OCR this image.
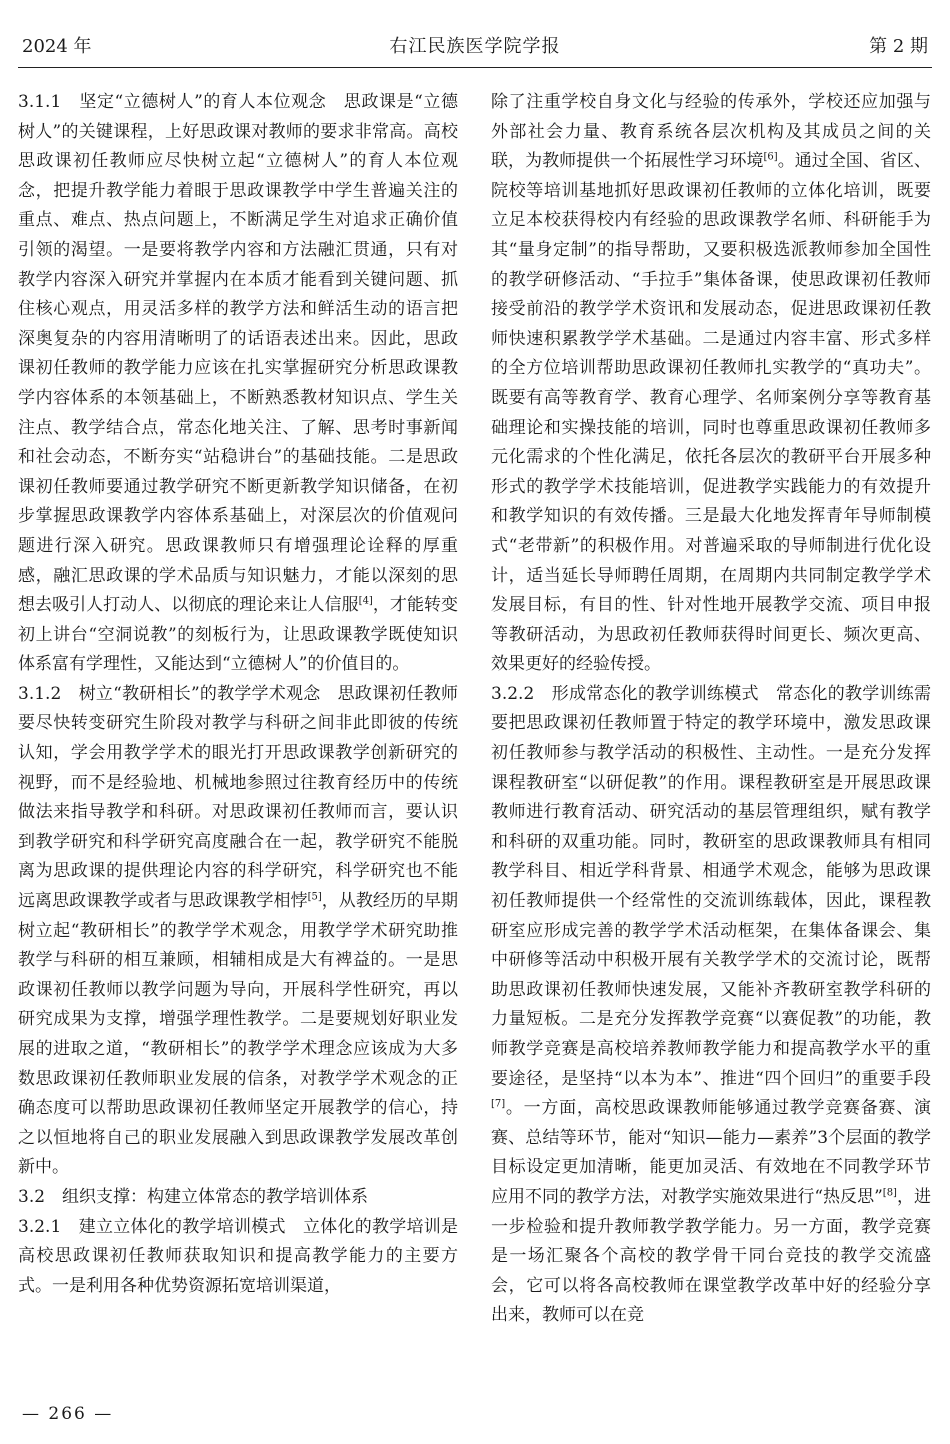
2024 年	右江民族医学院学报	第 2 期

3.1.1　坚定“立德树人”的育人本位观念　思政课是“立德树人”的关键课程，上好思政课对教师的要求非常高。高校思政课初任教师应尽快树立起“立德树人”的育人本位观念，把提升教学能力着眼于思政课教学中学生普遍关注的重点、难点、热点问题上，不断满足学生对追求正确价值引领的渴望。一是要将教学内容和方法融汇贯通，只有对教学内容深入研究并掌握内在本质才能看到关键问题、抓住核心观点，用灵活多样的教学方法和鲜活生动的语言把深奥复杂的内容用清晰明了的话语表述出来。因此，思政课初任教师的教学能力应该在扎实掌握研究分析思政课教学内容体系的本领基础上，不断熟悉教材知识点、学生关注点、教学结合点，常态化地关注、了解、思考时事新闻和社会动态，不断夯实“站稳讲台”的基础技能。二是思政课初任教师要通过教学研究不断更新教学知识储备，在初步掌握思政课教学内容体系基础上，对深层次的价值观问题进行深入研究。思政课教师只有增强理论诠释的厚重感，融汇思政课的学术品质与知识魅力，才能以深刻的思想去吸引人打动人、以彻底的理论来让人信服[4]，才能转变初上讲台“空洞说教”的刻板行为，让思政课教学既使知识体系富有学理性，又能达到“立德树人”的价值目的。

3.1.2　树立“教研相长”的教学学术观念　思政课初任教师要尽快转变研究生阶段对教学与科研之间非此即彼的传统认知，学会用教学学术的眼光打开思政课教学创新研究的视野，而不是经验地、机械地参照过往教育经历中的传统做法来指导教学和科研。对思政课初任教师而言，要认识到教学研究和科学研究高度融合在一起，教学研究不能脱离为思政课的提供理论内容的科学研究，科学研究也不能远离思政课教学或者与思政课教学相悖[5]，从教经历的早期树立起“教研相长”的教学学术观念，用教学学术研究助推教学与科研的相互兼顾，相辅相成是大有裨益的。一是思政课初任教师以教学问题为导向，开展科学性研究，再以研究成果为支撑，增强学理性教学。二是要规划好职业发展的进取之道，“教研相长”的教学学术理念应该成为大多数思政课初任教师职业发展的信条，对教学学术观念的正确态度可以帮助思政课初任教师坚定开展教学的信心，持之以恒地将自己的职业发展融入到思政课教学发展改革创新中。

3.2　组织支撑：构建立体常态的教学培训体系

3.2.1　建立立体化的教学培训模式　立体化的教学培训是高校思政课初任教师获取知识和提高教学能力的主要方式。一是利用各种优势资源拓宽培训渠道，

除了注重学校自身文化与经验的传承外，学校还应加强与外部社会力量、教育系统各层次机构及其成员之间的关联，为教师提供一个拓展性学习环境[6]。通过全国、省区、院校等培训基地抓好思政课初任教师的立体化培训，既要立足本校获得校内有经验的思政课教学名师、科研能手为其“量身定制”的指导帮助，又要积极选派教师参加全国性的教学研修活动、“手拉手”集体备课，使思政课初任教师接受前沿的教学学术资讯和发展动态，促进思政课初任教师快速积累教学学术基础。二是通过内容丰富、形式多样的全方位培训帮助思政课初任教师扎实教学的“真功夫”。既要有高等教育学、教育心理学、名师案例分享等教育基础理论和实操技能的培训，同时也尊重思政课初任教师多元化需求的个性化满足，依托各层次的教研平台开展多种形式的教学学术技能培训，促进教学实践能力的有效提升和教学知识的有效传播。三是最大化地发挥青年导师制模式“老带新”的积极作用。对普遍采取的导师制进行优化设计，适当延长导师聘任周期，在周期内共同制定教学学术发展目标，有目的性、针对性地开展教学交流、项目申报等教研活动，为思政初任教师获得时间更长、频次更高、效果更好的经验传授。

3.2.2　形成常态化的教学训练模式　常态化的教学训练需要把思政课初任教师置于特定的教学环境中，激发思政课初任教师参与教学活动的积极性、主动性。一是充分发挥课程教研室“以研促教”的作用。课程教研室是开展思政课教师进行教育活动、研究活动的基层管理组织，赋有教学和科研的双重功能。同时，教研室的思政课教师具有相同教学科目、相近学科背景、相通学术观念，能够为思政课初任教师提供一个经常性的交流训练载体，因此，课程教研室应形成完善的教学学术活动框架，在集体备课会、集中研修等活动中积极开展有关教学学术的交流讨论，既帮助思政课初任教师快速发展，又能补齐教研室教学科研的力量短板。二是充分发挥教学竞赛“以赛促教”的功能，教师教学竞赛是高校培养教师教学能力和提高教学水平的重要途径，是坚持“以本为本”、推进“四个回归”的重要手段[7]。一方面，高校思政课教师能够通过教学竞赛备赛、演赛、总结等环节，能对“知识—能力—素养”3个层面的教学目标设定更加清晰，能更加灵活、有效地在不同教学环节应用不同的教学方法，对教学实施效果进行“热反思”[8]，进一步检验和提升教师教学教学能力。另一方面，教学竞赛是一场汇聚各个高校的教学骨干同台竞技的教学交流盛会，它可以将各高校教师在课堂教学改革中好的经验分享出来，教师可以在竞

— 266 —
